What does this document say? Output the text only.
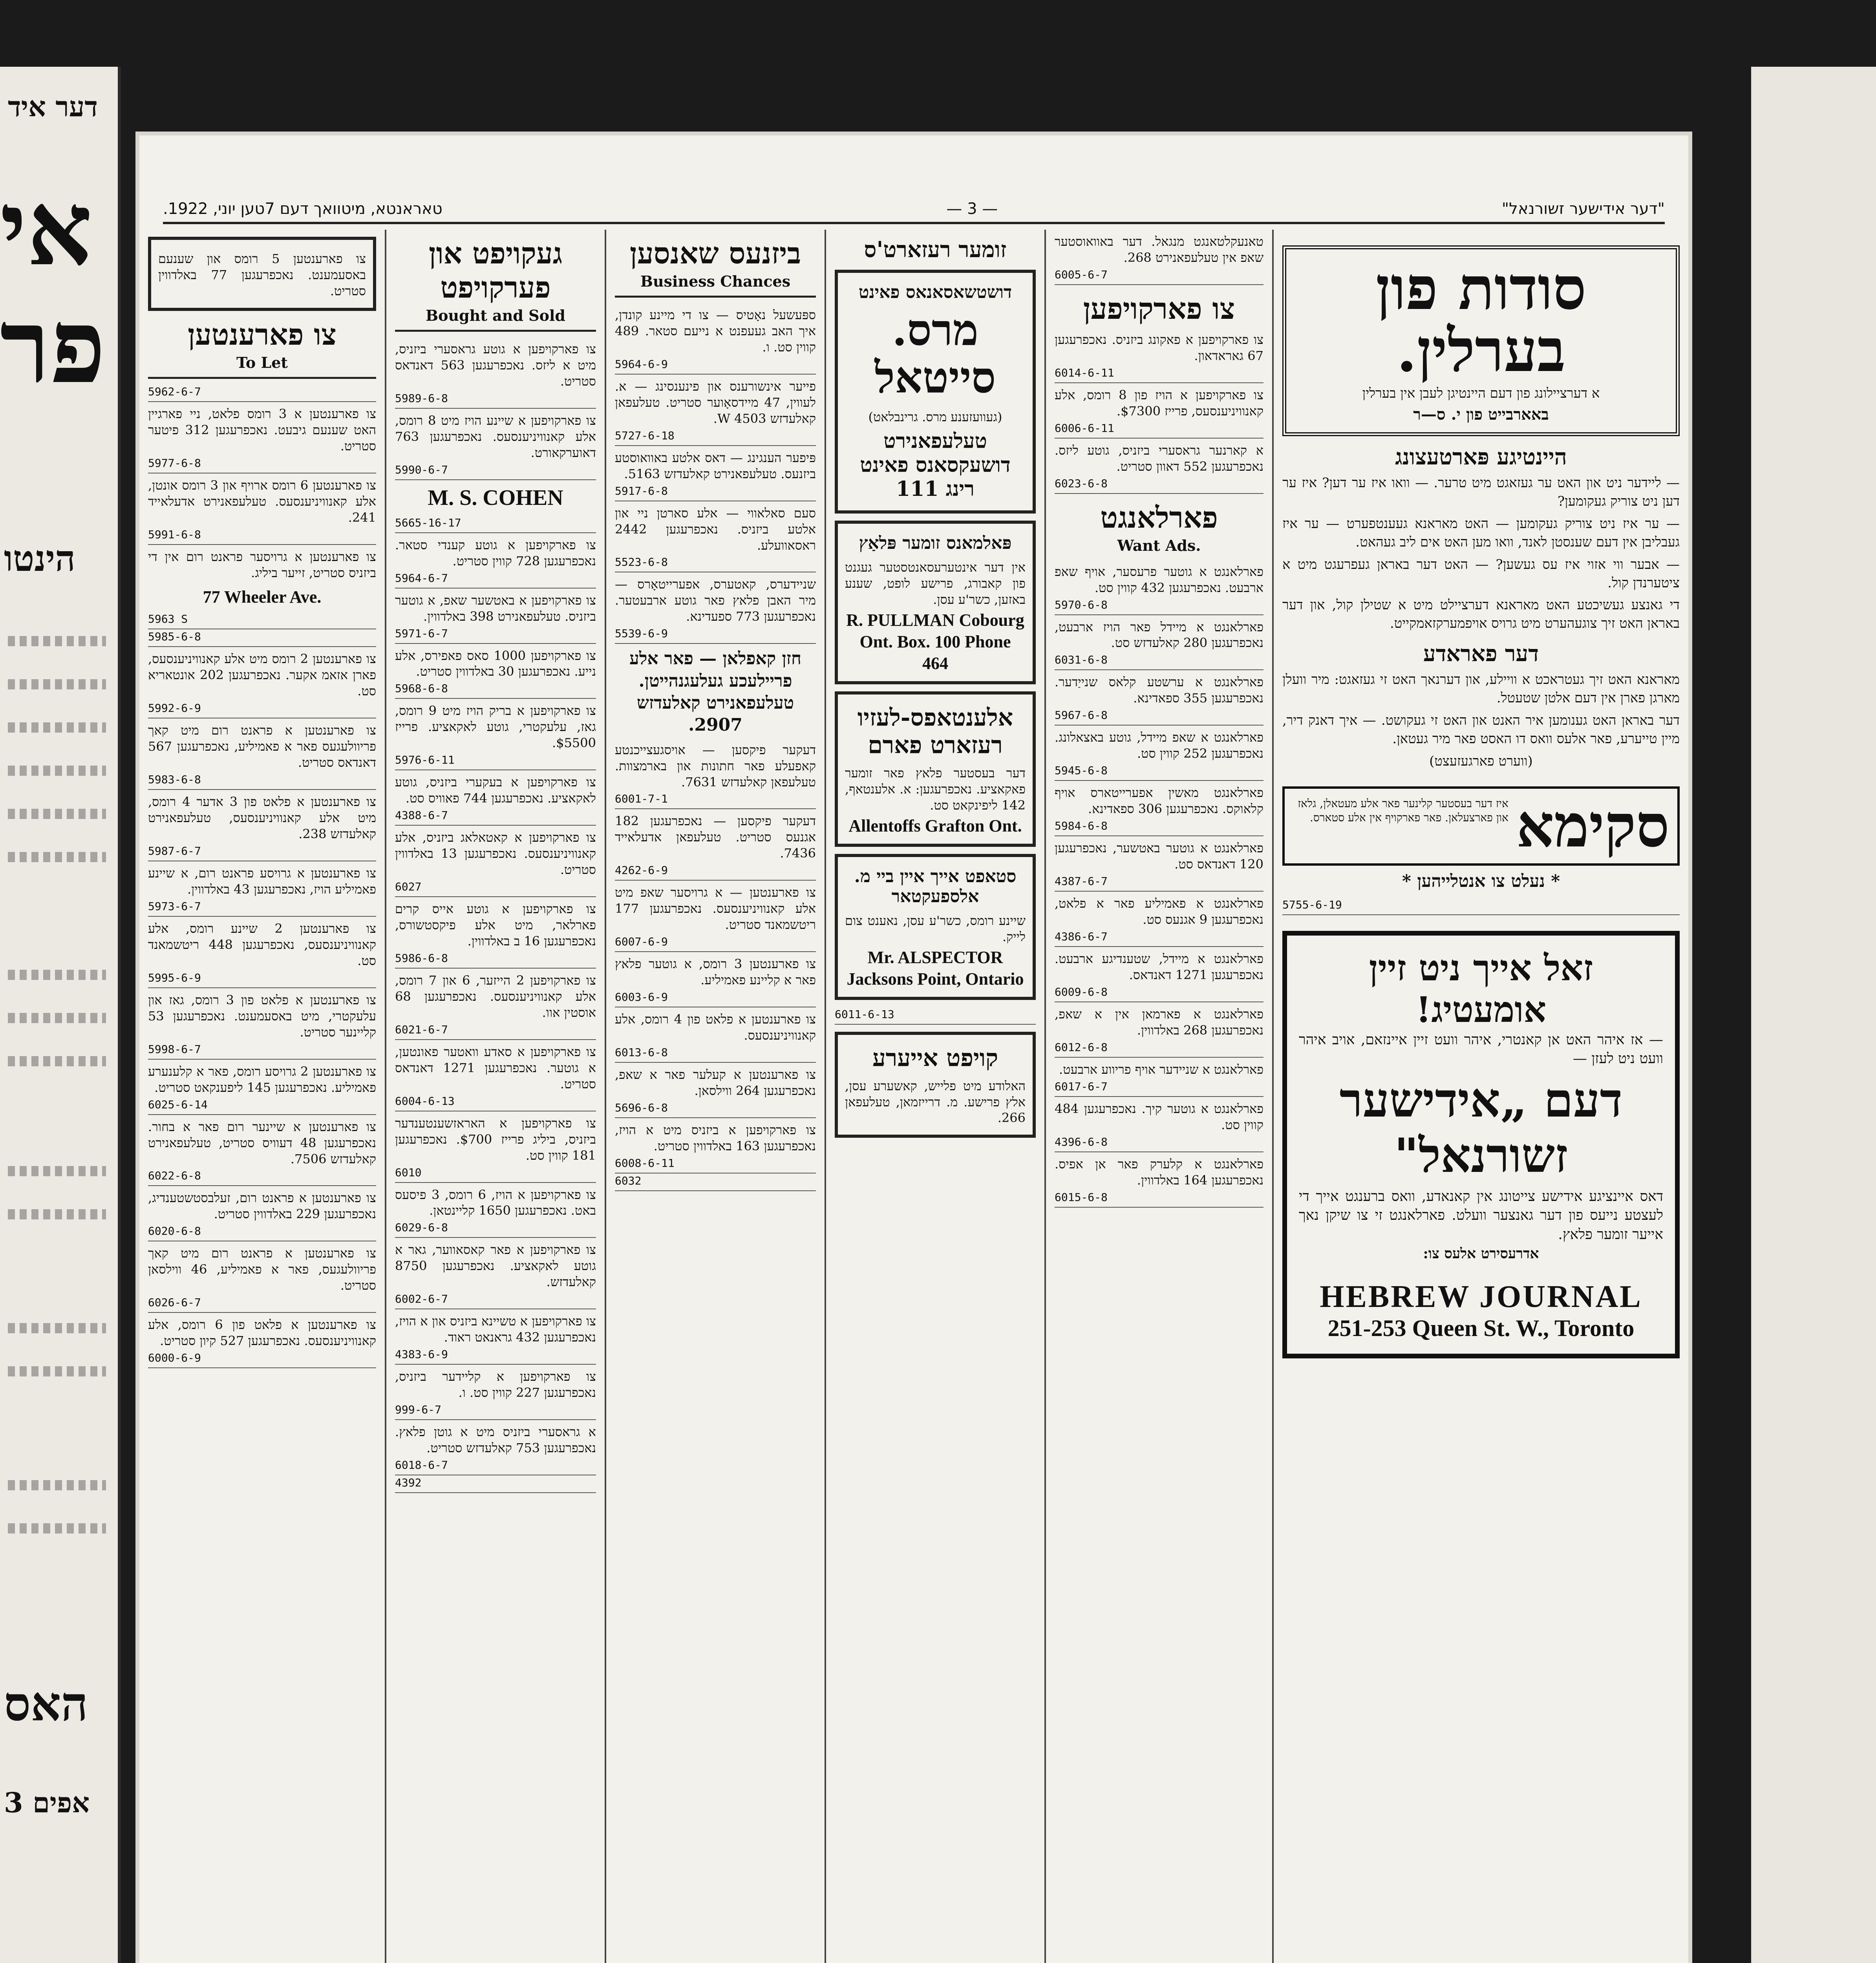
דער איד
אי
פר
הינטו
האס
אפים 3
"דער אידישער זשורנאל"
— 3 —
טאראנטא, מיטוואך דעם 7טען יוני, 1922.
סודות פון בערלין.
א דערציילונג פון דעם היינטיגן לעבן אין בערלין
באארבייט פון י. ס—ר
היינטיגע פּארטעצונג

— ליידער ניט און האט ער געזאגט מיט טרער. — וואו איז ער דען? איז ער דען ניט צוריק געקומען?

— ער איז ניט צוריק געקומען — האט מאראנא געענטפערט — ער איז געבליבן אין דעם שענסטן לאנד, וואו מען האט אים ליב געהאט.

— אבער ווי אזוי איז עס געשען? — האט דער באראן געפרעגט מיט א ציטערנדן קול.

די גאנצע געשיכטע האט מאראנא דערציילט מיט א שטילן קול, און דער באראן האט זיך צוגעהערט מיט גרויס אויפמערקזאמקייט.

דער פאראדע

מאראנא האט זיך געטראכט א וויילע, און דערנאך האט זי געזאגט: מיר וועלן מארגן פארן אין דעם אלטן שטעטל.

דער באראן האט גענומען איר האנט און האט זי געקושט. — איך דאנק דיר, מיין טייערע, פאר אלעס וואס דו האסט פאר מיר געטאן.

(ווערט פארגעזעצט)

סקימא
איז דער בעסטער קלינער פאר אלע מעטאלן, גלאז און פארצעלאן. פאר פארקויף אין אלע סטארס.

* נעלט צו אנטלייהען *

5755-6-19
זאל אייך ניט זיין אומעטיג!
— אז איהר האט אן קאנטרי, איהר וועט זיין איינזאם, אויב איהר וועט ניט לעזן —
דעם „אידישער זשורנאל"
דאס איינציגע אידישע צייטונג אין קאנאדע, וואס ברענגט אייך די לעצטע נייעס פון דער גאנצער וועלט. פארלאנגט זי צו שיקן נאך אייער זומער פלאץ.
אדרעסירט אלעס צו:
HEBREW JOURNAL
251-253 Queen St. W., Toronto

טאנעקלטאנגט מנגאל. דער באוואוסטער שאפ אין טעלעפאנירט 268.

6005-6-7
צו פארקויפען

צו פארקויפען א פאקונג ביזניס. נאכפרעגען 67 גאראדאון.

6014-6-11

צו פארקויפען א הויז פון 8 רומס, אלע קאנוויניענסעס, פרייז $7300.

6006-6-11

א קארנער גראסערי ביזניס, גוטע ליזס. נאכפרעגען 552 דאוון סטריט.

6023-6-8
פארלאנגט
Want Ads.

פארלאנגט א גוטער פרעסער, אויף שאפ ארבעט. נאכפרעגען 432 קווין סט.

5970-6-8

פארלאנגט א מיידל פאר הויז ארבעט, נאכפרעגען 280 קאלעדזש סט.

6031-6-8

פארלאנגט א ערשטע קלאס שנייַדער. נאכפרעגען 355 ספאדינא.

5967-6-8

פארלאנגט א שאפ מיידל, גוטע באצאלונג. נאכפרעגען 252 קווין סט.

5945-6-8

פארלאנגט מאשין אפערייטארס אויף קלאוקס. נאכפרעגען 306 ספאדינא.

5984-6-8

פארלאנגט א גוטער באטשער, נאכפרעגען 120 דאנדאס סט.

4387-6-7

פארלאנגט א פאמיליע פאר א פלאט, נאכפרעגען 9 אגנעס סט.

4386-6-7

פארלאנגט א מיידל, שטענדיגע ארבעט. נאכפרעגען 1271 דאנדאס.

6009-6-8

פארלאנגט א פארמאן אין א שאפ, נאכפרעגען 268 באלדווין.

6012-6-8

פארלאנגט א שניידער אויף פריווע ארבעט.

6017-6-7

פארלאנגט א גוטער קיך. נאכפרעגען 484 קווין סט.

4396-6-8

פארלאנגט א קלערק פאר אן אפיס. נאכפרעגען 164 באלדווין.

6015-6-8
זומער רעזארט'ס
דושטשאסאנאס פאינט
מרס. סייטאל

(געוועזענע מרס. גרינבלאט)

טעלעפאנירט דושעקסאנס פאינט רינג 111
פּאלמאנס זומער פּלאַץ

אין דער אינטערעסאנטסטער געגנט פון קאבורג, פרישע לופט, שענע באזען, כשר'ע עסן.

R. PULLMAN Cobourg Ont. Box. 100 Phone 464
אלענטאפס-לעזיו רעזארט פארם

דער בעסטער פלאץ פאר זומער פאקאציע. נאכפרעגען: א. אלענטאף, 142 ליפינקאט סט.

Allentoffs Grafton Ont.
סטאפט אייך איין ביי מ. אלספעקטאר

שיינע רומס, כשר'ע עסן, נאענט צום לייק.

Mr. ALSPECTOR Jacksons Point, Ontario
6011-6-13
קויפט אייערע

האלודע מיט פלייש, קאשערע עסן, אלץ פרישע. מ. דרייזמאן, טעלעפאן 266.

ביזנעס שאנסען
Business Chances

ספּעשעל נאָטיס — צו די מיינע קונדן, איך האב געעפנט א נייעם סטאר. 489 קווין סט. ו.

5964-6-9

פייער אינשורענס און פינענסינג — א. לעווין, 47 מיידסאָוער סטריט. טעלעפאן קאלעדזש W 4503.

5727-6-18

פּיפער הענגינג — דאס אלטע באוואוסטע ביזנעס. טעלעפאנירט קאלעדזש 5163.

5917-6-8

סעם סאלאווי — אלע סארטן ניי און אלטע ביזניס. נאכפרעגען 2442 ראסאוועלע.

5523-6-8

שניידערס, קאטערס, אפערייטאָרס — מיר האבן פלאץ פאר גוטע ארבעטער. נאכפרעגען 773 ספעדינא.

5539-6-9

חזן קאפלאן — פאר אלע פריילעכע געלעגנהייטן. טעלעפאנירט קאלעדזש 2907.

דעקער פיקסען — אויסגעצייכנטע קאפעלע פאר חתונות און בארמצוות. טעלעפאן קאלעדזש 7631.

6001-7-1

דעקער פיקסען — נאכפרעגען 182 אגנעס סטריט. טעלעפאן אדעלאייד 7436.

4262-6-9

צו פארענטען — א גרויסער שאפ מיט אלע קאנוויניענסעס. נאכפרעגען 177 ריטשמאנד סטריט.

6007-6-9

צו פארענטען 3 רומס, א גוטער פלאץ פאר א קליינע פאמיליע.

6003-6-9

צו פארענטען א פלאט פון 4 רומס, אלע קאנוויניענסעס.

6013-6-8

צו פארענטען א קעלער פאר א שאפ, נאכפרעגען 264 ווילסאן.

5696-6-8

צו פארקויפען א ביזניס מיט א הויז, נאכפרעגען 163 באלדווין סטריט.

6008-6-11
6032
געקויפט און פערקויפט
Bought and Sold

צו פארקויפען א גוטע גראסערי ביזניס, מיט א ליזס. נאכפרעגען 563 דאנדאס סטריט.

5989-6-8

צו פארקויפען א שיינע הויז מיט 8 רומס, אלע קאנוויניענסעס. נאכפרעגען 763 דאוערקאורט.

5990-6-7
M. S. COHEN
5665-16-17

צו פארקויפען א גוטע קענדי סטאר. נאכפרעגען 728 קווין סטריט.

5964-6-7

צו פארקויפען א באטשער שאפ, א גוטער ביזניס. טעלעפאנירט 398 באלדווין.

5971-6-7

צו פארקויפען 1000 סאס פאפירס, אלע נייע. נאכפרעגען 30 באלדווין סטריט.

5968-6-8

צו פארקויפען א בריק הויז מיט 9 רומס, גאז, עלעקטרי, גוטע לאקאציע. פרייז $5500.

5976-6-11

צו פארקויפען א בעקערי ביזניס, גוטע לאקאציע. נאכפרעגען 744 פאוויס סט.

4388-6-7

צו פארקויפען א קאטאלאג ביזניס, אלע קאנוויניענסעס. נאכפרעגען 13 באלדווין סטריט.

6027

צו פארקויפען א גוטע אייס קרים פארלאר, מיט אלע פיקסטשורס, נאכפרעגען 16 ב באלדווין.

5986-6-8

צו פארקויפען 2 הייזער, 6 און 7 רומס, אלע קאנוויניענסעס. נאכפרעגען 68 אוסטין אוו.

6021-6-7

צו פארקויפען א סאדע וואטער פאונטען, א גוטער. נאכפרעגען 1271 דאנדאס סטריט.

6004-6-13

צו פארקויפען א האראזשענטענדער ביזניס, ביליג פרייז $700. נאכפרעגען 181 קווין סט.

6010

צו פארקויפען א הויז, 6 רומס, 3 פיסעס באט. נאכפרעגען 1650 קליינטאן.

6029-6-8

צו פארקויפען א פאר קאסאווער, גאר א גוטע לאקאציע. נאכפרעגען 8750 קאלעדזש.

6002-6-7

צו פארקויפען א טשיינא ביזניס און א הויז, נאכפרעגען 432 גראנאט ראוד.

4383-6-9

צו פארקויפען א קליידער ביזניס, נאכפרעגען 227 קווין סט. ו.

999-6-7

א גראסערי ביזניס מיט א גוטן פלאץ. נאכפרעגען 753 קאלעדזש סטריט.

6018-6-7
4392

צו פארענטען 5 רומס און שענעם באסעמענט. נאכפרעגען 77 באלדווין סטריט.

צו פארענטען
To Let
5962-6-7

צו פארענטען א 3 רומס פלאט, ניי פארגיין האט שענעם גיבעט. נאכפרעגען 312 פיטער סטריט.

5977-6-8

צו פארענטען 6 רומס ארויף און 3 רומס אונטן, אלע קאנוויניענסעס. טעלעפאנירט אדעלאייד 241.

5991-6-8

צו פארענטען א גרויסער פראנט רום אין די ביזניס סטריט, זייער ביליג.

77 Wheeler Ave.
5963 S
5985-6-8

צו פארענטען 2 רומס מיט אלע קאנוויניענסעס, פארן אזאמ אקער. נאכפרעגען 202 אונטאריא סט.

5992-6-9

צו פארענטען א פראנט רום מיט קאך פריוולעגעס פאר א פאמיליע, נאכפרעגען 567 דאנדאס סטריט.

5983-6-8

צו פארענטען א פלאט פון 3 אדער 4 רומס, מיט אלע קאנוויניענסעס, טעלעפאנירט קאלעדזש 238.

5987-6-7

צו פארענטען א גרויסע פראנט רום, א שיינע פאמיליע הויז, נאכפרעגען 43 באלדווין.

5973-6-7

צו פארענטען 2 שיינע רומס, אלע קאנוויניענסעס, נאכפרעגען 448 ריטשמאנד סט.

5995-6-9

צו פארענטען א פלאט פון 3 רומס, גאז און עלעקטרי, מיט באסעמענט. נאכפרעגען 53 קליינער סטריט.

5998-6-7

צו פארענטען 2 גרויסע רומס, פאר א קלענערע פאמיליע. נאכפרעגען 145 ליפענקאט סטריט.

6025-6-14

צו פארענטען א שיינער רום פאר א בחור. נאכפרעגען 48 דעוויס סטריט, טעלעפאנירט קאלעדזש 7506.

6022-6-8

צו פארענטען א פראנט רום, זעלבסטשטענדיג, נאכפרעגען 229 באלדווין סטריט.

6020-6-8

צו פארענטען א פראנט רום מיט קאך פריוולעגעס, פאר א פאמיליע, 46 ווילסאן סטריט.

6026-6-7

צו פארענטען א פלאט פון 6 רומס, אלע קאנוויניענסעס. נאכפרעגען 527 קיון סטריט.

6000-6-9
